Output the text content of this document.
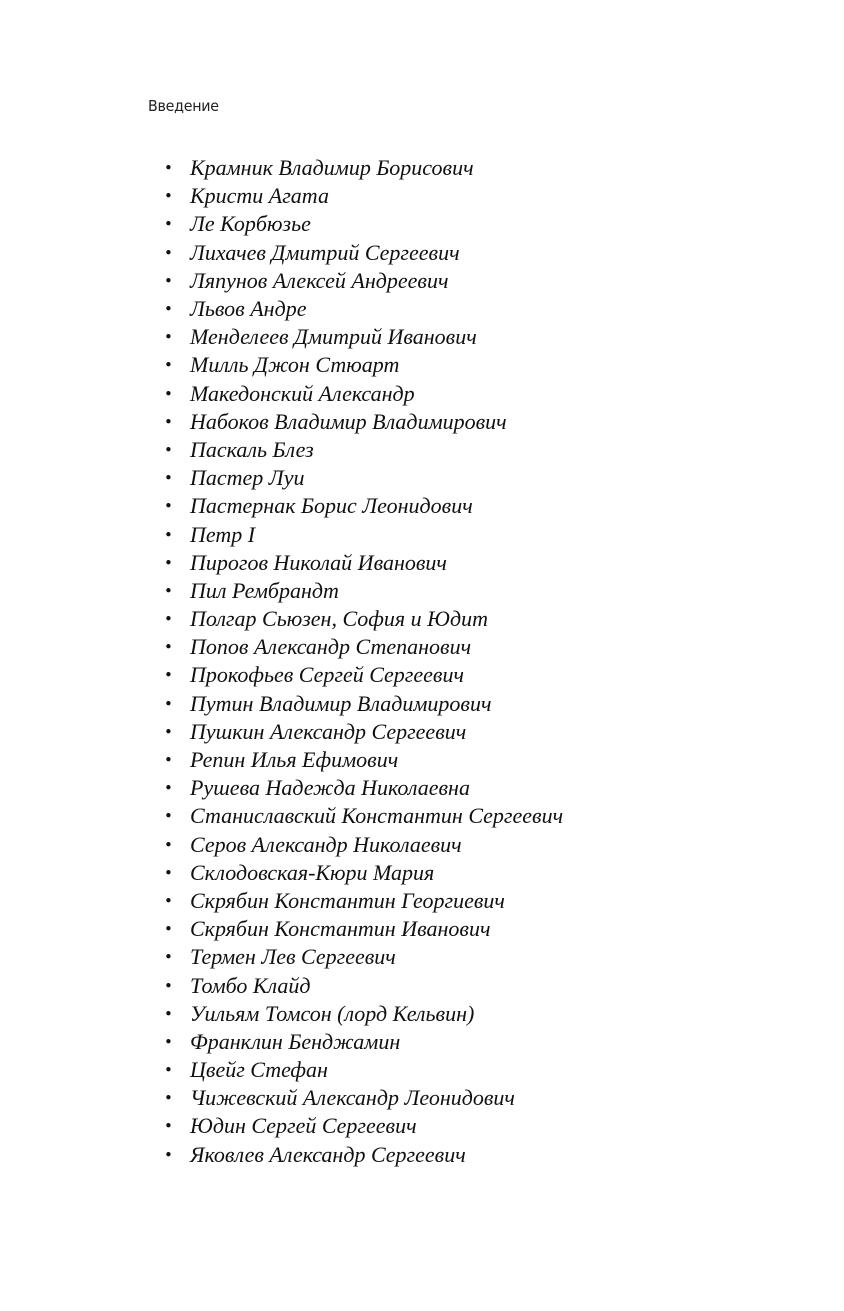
Введение
• Крамник Владимир Борисович
• Кристи Агата
• Ле Корбюзье
• Лихачев Дмитрий Сергеевич
• Ляпунов Алексей Андреевич
• Львов Андре
• Менделеев Дмитрий Иванович
• Милль Джон Стюарт
• Македонский Александр
• Набоков Владимир Владимирович
• Паскаль Блез
• Пастер Луи
• Пастернак Борис Леонидович
• Петр I
• Пирогов Николай Иванович
• Пил Рембрандт
• Полгар Сьюзен, София и Юдит
• Попов Александр Степанович
• Прокофьев Сергей Сергеевич
• Путин Владимир Владимирович
• Пушкин Александр Сергеевич
• Репин Илья Ефимович
• Рушева Надежда Николаевна
• Станиславский Константин Сергеевич
• Серов Александр Николаевич
• Склодовская-Кюри Мария
• Скрябин Константин Георгиевич
• Скрябин Константин Иванович
• Термен Лев Сергеевич
• Томбо Клайд
• Уильям Томсон (лорд Кельвин)
• Франклин Бенджамин
• Цвейг Стефан
• Чижевский Александр Леонидович
• Юдин Сергей Сергеевич
• Яковлев Александр Сергеевич
